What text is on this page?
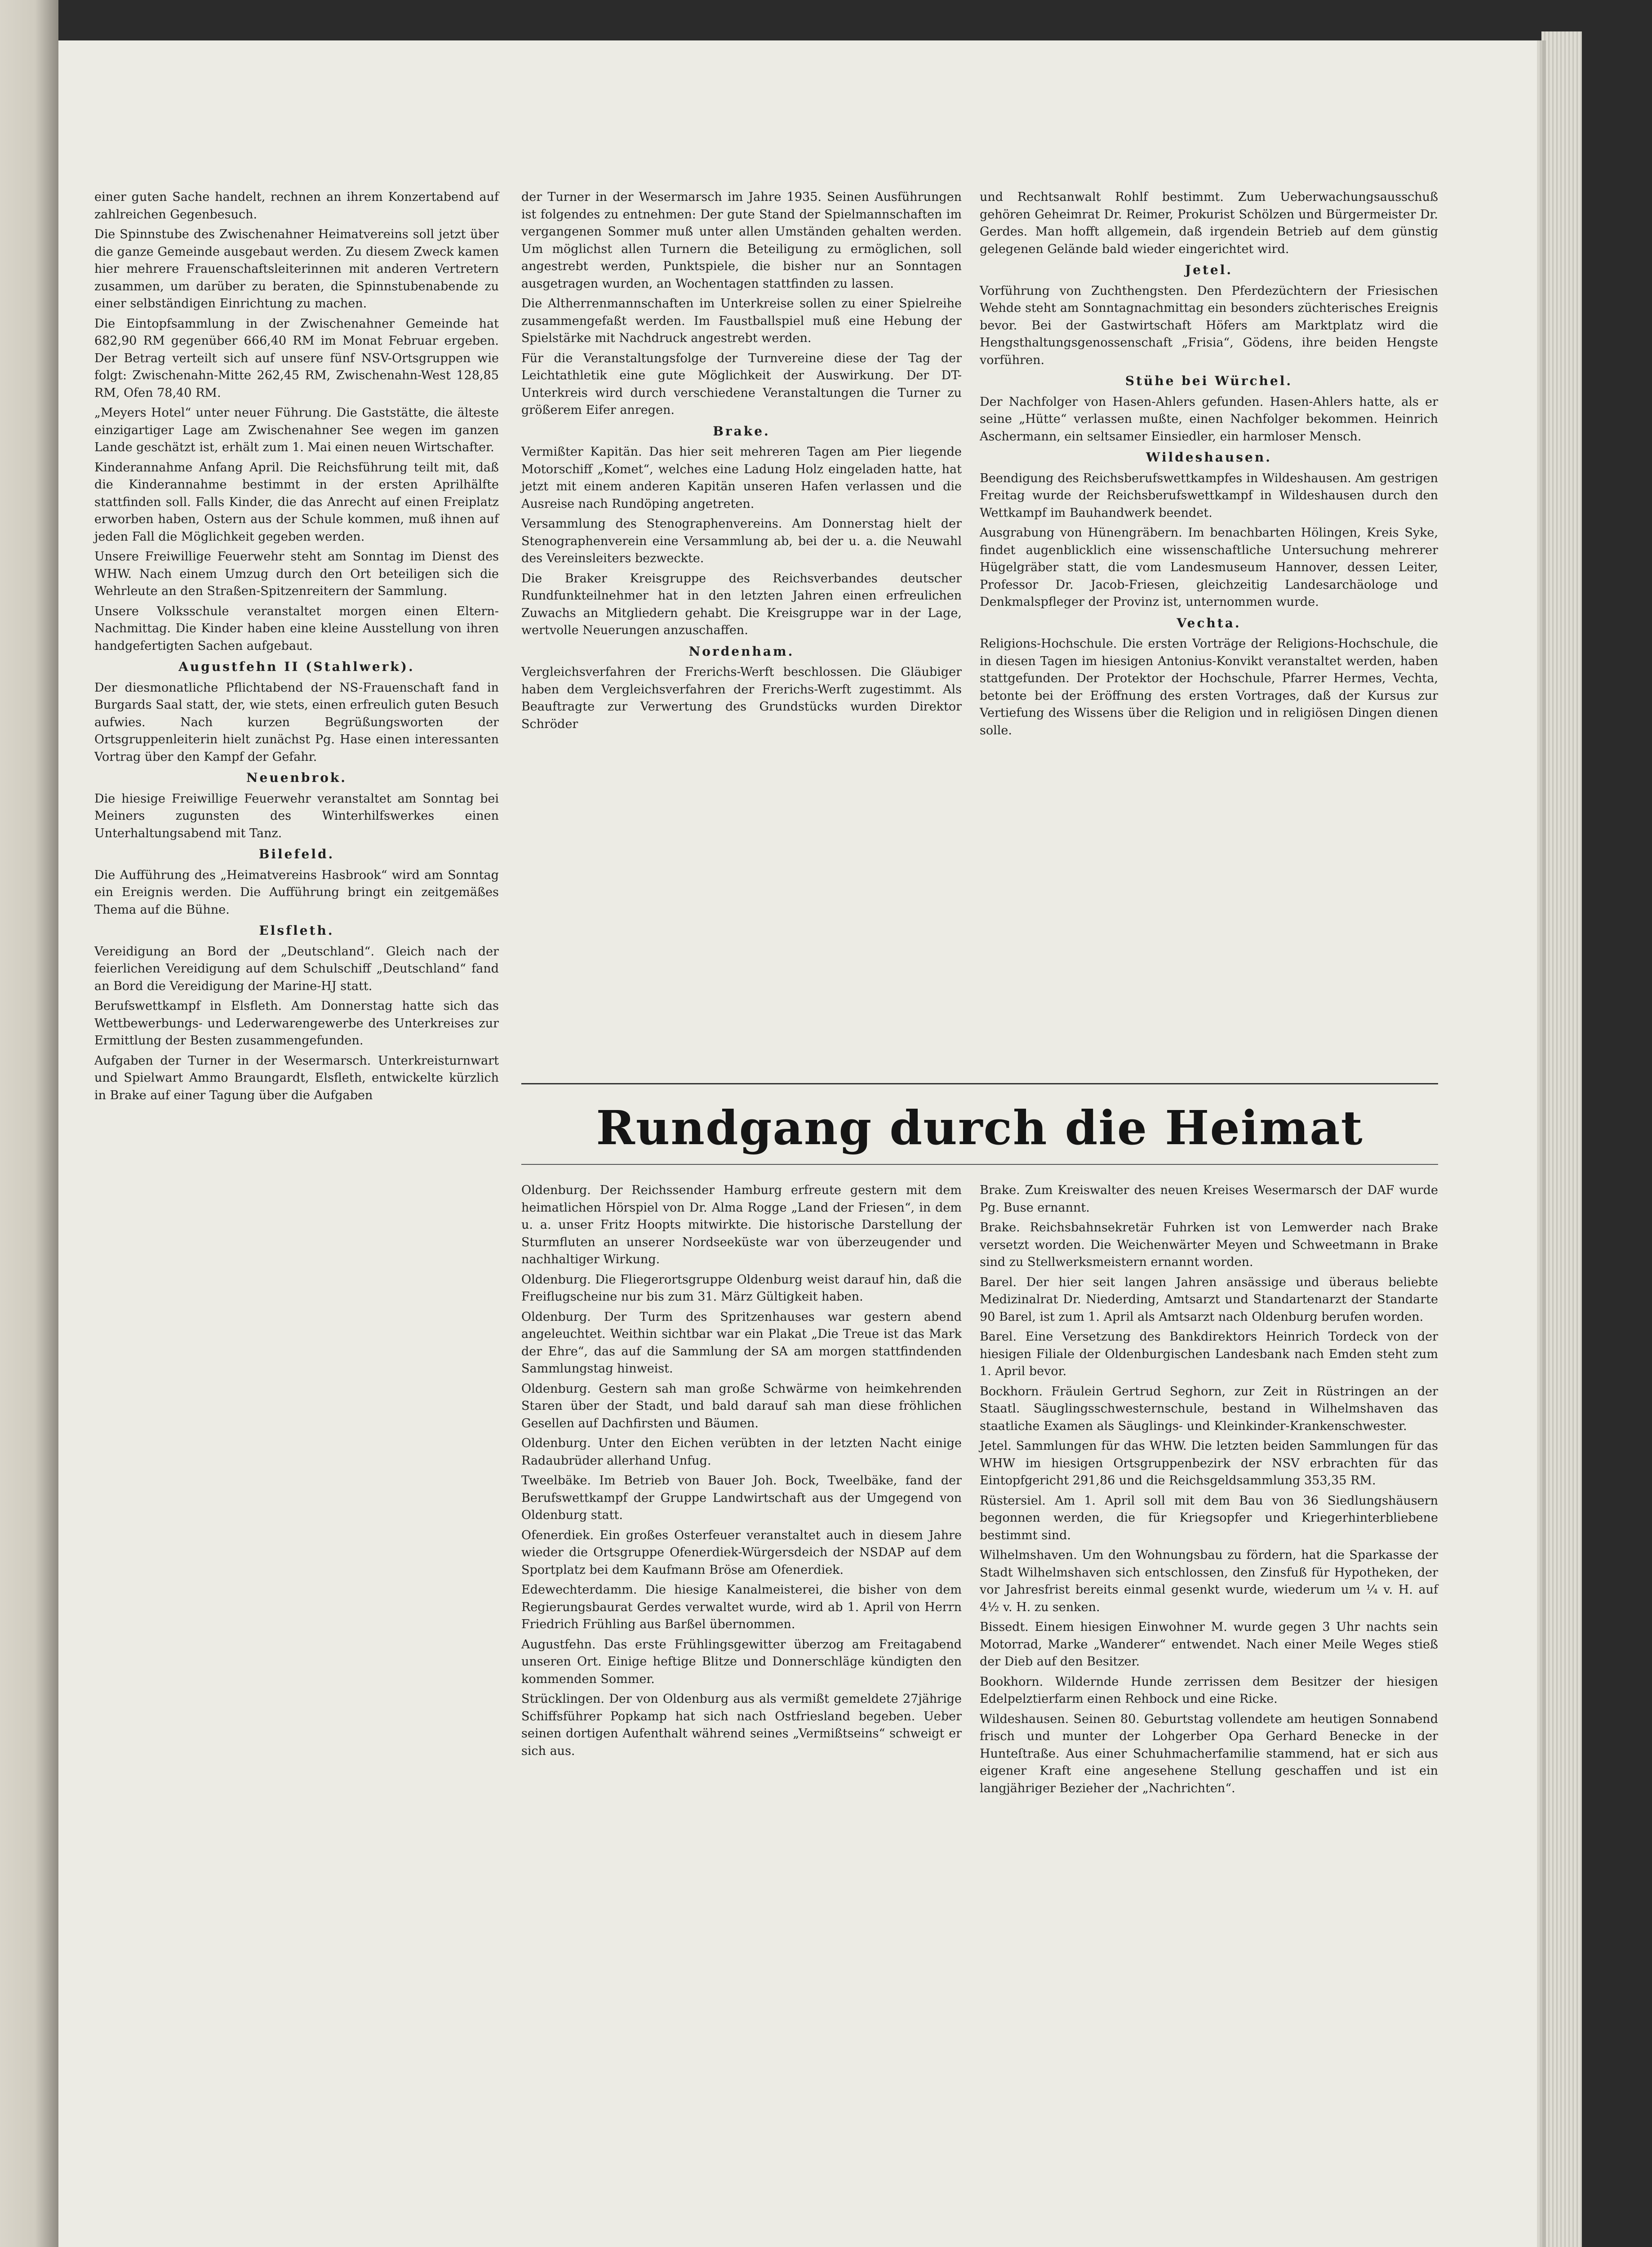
einer guten Sache handelt, rechnen an ihrem Konzertabend auf zahlreichen Gegenbesuch.
Die Spinnstube des Zwischenahner Heimatvereins soll jetzt über die ganze Gemeinde ausgebaut werden. Zu diesem Zweck kamen hier mehrere Frauenschaftsleiterinnen mit anderen Vertretern zusammen, um darüber zu beraten, die Spinnstubenabende zu einer selbständigen Einrichtung zu machen.
Die Eintopfsammlung in der Zwischenahner Gemeinde hat 682,90 RM gegenüber 666,40 RM im Monat Februar ergeben. Der Betrag verteilt sich auf unsere fünf NSV-Ortsgruppen wie folgt: Zwischenahn-Mitte 262,45 RM, Zwischenahn-West 128,85 RM, Ofen 78,40 RM.
„Meyers Hotel“ unter neuer Führung. Die Gaststätte, die älteste einzigartiger Lage am Zwischenahner See wegen im ganzen Lande geschätzt ist, erhält zum 1. Mai einen neuen Wirtschafter.
Kinderannahme Anfang April. Die Reichsführung teilt mit, daß die Kinderannahme bestimmt in der ersten Aprilhälfte stattfinden soll. Falls Kinder, die das Anrecht auf einen Freiplatz erworben haben, Ostern aus der Schule kommen, muß ihnen auf jeden Fall die Möglichkeit gegeben werden.
Unsere Freiwillige Feuerwehr steht am Sonntag im Dienst des WHW. Nach einem Umzug durch den Ort beteiligen sich die Wehrleute an den Straßen-Spitzenreitern der Sammlung.
Unsere Volksschule veranstaltet morgen einen Eltern-Nachmittag. Die Kinder haben eine kleine Ausstellung von ihren handgefertigten Sachen aufgebaut.
Augustfehn II (Stahlwerk).
Der diesmonatliche Pflichtabend der NS-Frauenschaft fand in Burgards Saal statt, der, wie stets, einen erfreulich guten Besuch aufwies. Nach kurzen Begrüßungsworten der Ortsgruppenleiterin hielt zunächst Pg. Hase einen interessanten Vortrag über den Kampf der Gefahr.
Neuenbrok.
Die hiesige Freiwillige Feuerwehr veranstaltet am Sonntag bei Meiners zugunsten des Winterhilfswerkes einen Unterhaltungsabend mit Tanz.
Bilefeld.
Die Aufführung des „Heimatvereins Hasbrook“ wird am Sonntag ein Ereignis werden. Die Aufführung bringt ein zeitgemäßes Thema auf die Bühne.
Elsfleth.
Vereidigung an Bord der „Deutschland“. Gleich nach der feierlichen Vereidigung auf dem Schulschiff „Deutschland“ fand an Bord die Vereidigung der Marine-HJ statt.
Berufswettkampf in Elsfleth. Am Donnerstag hatte sich das Wettbewerbungs- und Lederwarengewerbe des Unterkreises zur Ermittlung der Besten zusammengefunden.
Aufgaben der Turner in der Wesermarsch. Unterkreisturnwart und Spielwart Ammo Braungardt, Elsfleth, entwickelte kürzlich in Brake auf einer Tagung über die Aufgaben

der Turner in der Wesermarsch im Jahre 1935. Seinen Ausführungen ist folgendes zu entnehmen: Der gute Stand der Spielmannschaften im vergangenen Sommer muß unter allen Umständen gehalten werden. Um möglichst allen Turnern die Beteiligung zu ermöglichen, soll angestrebt werden, Punktspiele, die bisher nur an Sonntagen ausgetragen wurden, an Wochentagen stattfinden zu lassen.
Die Altherrenmannschaften im Unterkreise sollen zu einer Spielreihe zusammengefaßt werden. Im Faustballspiel muß eine Hebung der Spielstärke mit Nachdruck angestrebt werden.
Für die Veranstaltungsfolge der Turnvereine diese der Tag der Leichtathletik eine gute Möglichkeit der Auswirkung. Der DT-Unterkreis wird durch verschiedene Veranstaltungen die Turner zu größerem Eifer anregen.
Brake.
Vermißter Kapitän. Das hier seit mehreren Tagen am Pier liegende Motorschiff „Komet“, welches eine Ladung Holz eingeladen hatte, hat jetzt mit einem anderen Kapitän unseren Hafen verlassen und die Ausreise nach Rundöping angetreten.
Versammlung des Stenographenvereins. Am Donnerstag hielt der Stenographenverein eine Versammlung ab, bei der u. a. die Neuwahl des Vereinsleiters bezweckte.
Die Braker Kreisgruppe des Reichsverbandes deutscher Rundfunkteilnehmer hat in den letzten Jahren einen erfreulichen Zuwachs an Mitgliedern gehabt. Die Kreisgruppe war in der Lage, wertvolle Neuerungen anzuschaffen.
Nordenham.
Vergleichsverfahren der Frerichs-Werft beschlossen. Die Gläubiger haben dem Vergleichsverfahren der Frerichs-Werft zugestimmt. Als Beauftragte zur Verwertung des Grundstücks wurden Direktor Schröder

und Rechtsanwalt Rohlf bestimmt. Zum Ueberwachungsausschuß gehören Geheimrat Dr. Reimer, Prokurist Schölzen und Bürgermeister Dr. Gerdes. Man hofft allgemein, daß irgendein Betrieb auf dem günstig gelegenen Gelände bald wieder eingerichtet wird.
Jetel.
Vorführung von Zuchthengsten. Den Pferdezüchtern der Friesischen Wehde steht am Sonntagnachmittag ein besonders züchterisches Ereignis bevor. Bei der Gastwirtschaft Höfers am Marktplatz wird die Hengsthaltungsgenossenschaft „Frisia“, Gödens, ihre beiden Hengste vorführen.
Stühe bei Würchel.
Der Nachfolger von Hasen-Ahlers gefunden. Hasen-Ahlers hatte, als er seine „Hütte“ verlassen mußte, einen Nachfolger bekommen. Heinrich Aschermann, ein seltsamer Einsiedler, ein harmloser Mensch.
Wildeshausen.
Beendigung des Reichsberufswettkampfes in Wildeshausen. Am gestrigen Freitag wurde der Reichsberufswettkampf in Wildeshausen durch den Wettkampf im Bauhandwerk beendet.
Ausgrabung von Hünengräbern. Im benachbarten Hölingen, Kreis Syke, findet augenblicklich eine wissenschaftliche Untersuchung mehrerer Hügelgräber statt, die vom Landesmuseum Hannover, dessen Leiter, Professor Dr. Jacob-Friesen, gleichzeitig Landesarchäologe und Denkmalspfleger der Provinz ist, unternommen wurde.
Vechta.
Religions-Hochschule. Die ersten Vorträge der Religions-Hochschule, die in diesen Tagen im hiesigen Antonius-Konvikt veranstaltet werden, haben stattgefunden. Der Protektor der Hochschule, Pfarrer Hermes, Vechta, betonte bei der Eröffnung des ersten Vortrages, daß der Kursus zur Vertiefung des Wissens über die Religion und in religiösen Dingen dienen solle.

Rundgang durch die Heimat

Oldenburg. Der Reichssender Hamburg erfreute gestern mit dem heimatlichen Hörspiel von Dr. Alma Rogge „Land der Friesen“, in dem u. a. unser Fritz Hoopts mitwirkte. Die historische Darstellung der Sturmfluten an unserer Nordseeküste war von überzeugender und nachhaltiger Wirkung.
Oldenburg. Die Fliegerortsgruppe Oldenburg weist darauf hin, daß die Freiflugscheine nur bis zum 31. März Gültigkeit haben.
Oldenburg. Der Turm des Spritzenhauses war gestern abend angeleuchtet. Weithin sichtbar war ein Plakat „Die Treue ist das Mark der Ehre“, das auf die Sammlung der SA am morgen stattfindenden Sammlungstag hinweist.
Oldenburg. Gestern sah man große Schwärme von heimkehrenden Staren über der Stadt, und bald darauf sah man diese fröhlichen Gesellen auf Dachfirsten und Bäumen.
Oldenburg. Unter den Eichen verübten in der letzten Nacht einige Radaubrüder allerhand Unfug.
Tweelbäke. Im Betrieb von Bauer Joh. Bock, Tweelbäke, fand der Berufswettkampf der Gruppe Landwirtschaft aus der Umgegend von Oldenburg statt.
Ofenerdiek. Ein großes Osterfeuer veranstaltet auch in diesem Jahre wieder die Ortsgruppe Ofenerdiek-Würgersdeich der NSDAP auf dem Sportplatz bei dem Kaufmann Bröse am Ofenerdiek.
Edewechterdamm. Die hiesige Kanalmeisterei, die bisher von dem Regierungsbaurat Gerdes verwaltet wurde, wird ab 1. April von Herrn Friedrich Frühling aus Barßel übernommen.
Augustfehn. Das erste Frühlingsgewitter überzog am Freitagabend unseren Ort. Einige heftige Blitze und Donnerschläge kündigten den kommenden Sommer.
Strücklingen. Der von Oldenburg aus als vermißt gemeldete 27jährige Schiffsführer Popkamp hat sich nach Ostfriesland begeben. Ueber seinen dortigen Aufenthalt während seines „Vermißtseins“ schweigt er sich aus.

Brake. Zum Kreiswalter des neuen Kreises Wesermarsch der DAF wurde Pg. Buse ernannt.
Brake. Reichsbahnsekretär Fuhrken ist von Lemwerder nach Brake versetzt worden. Die Weichenwärter Meyen und Schweetmann in Brake sind zu Stellwerksmeistern ernannt worden.
Barel. Der hier seit langen Jahren ansässige und überaus beliebte Medizinalrat Dr. Niederding, Amtsarzt und Standartenarzt der Standarte 90 Barel, ist zum 1. April als Amtsarzt nach Oldenburg berufen worden.
Barel. Eine Versetzung des Bankdirektors Heinrich Tordeck von der hiesigen Filiale der Oldenburgischen Landesbank nach Emden steht zum 1. April bevor.
Bockhorn. Fräulein Gertrud Seghorn, zur Zeit in Rüstringen an der Staatl. Säuglingsschwesternschule, bestand in Wilhelmshaven das staatliche Examen als Säuglings- und Kleinkinder-Krankenschwester.
Jetel. Sammlungen für das WHW. Die letzten beiden Sammlungen für das WHW im hiesigen Ortsgruppenbezirk der NSV erbrachten für das Eintopfgericht 291,86 und die Reichsgeldsammlung 353,35 RM.
Rüstersiel. Am 1. April soll mit dem Bau von 36 Siedlungshäusern begonnen werden, die für Kriegsopfer und Kriegerhinterbliebene bestimmt sind.
Wilhelmshaven. Um den Wohnungsbau zu fördern, hat die Sparkasse der Stadt Wilhelmshaven sich entschlossen, den Zinsfuß für Hypotheken, der vor Jahresfrist bereits einmal gesenkt wurde, wiederum um ¼ v. H. auf 4½ v. H. zu senken.
Bissedt. Einem hiesigen Einwohner M. wurde gegen 3 Uhr nachts sein Motorrad, Marke „Wanderer“ entwendet. Nach einer Meile Weges stieß der Dieb auf den Besitzer.
Bookhorn. Wildernde Hunde zerrissen dem Besitzer der hiesigen Edelpelztierfarm einen Rehbock und eine Ricke.
Wildeshausen. Seinen 80. Geburtstag vollendete am heutigen Sonnabend frisch und munter der Lohgerber Opa Gerhard Benecke in der Hunteſtraße. Aus einer Schuhmacherfamilie stammend, hat er sich aus eigener Kraft eine angesehene Stellung geschaffen und ist ein langjähriger Bezieher der „Nachrichten“.
